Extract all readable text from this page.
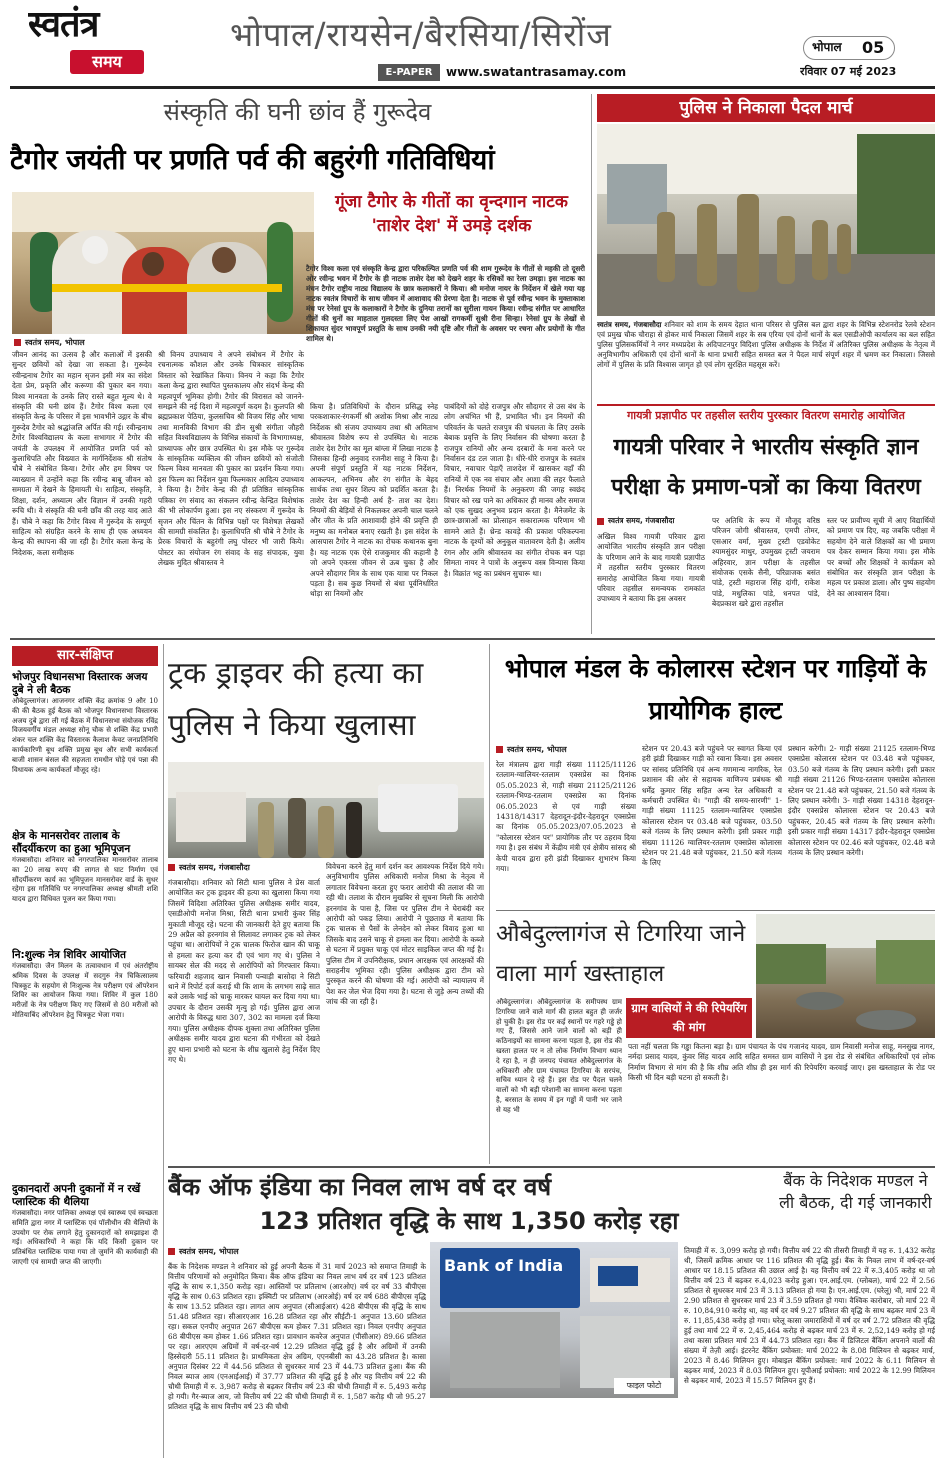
स्वतंत्र
समय
भोपाल/रायसेन/बैरसिया/सिरोंज
E-PAPER	www.swatantrasamay.com
भोपाल	05
रविवार 07 मई 2023
संस्कृति की घनी छांव हैं गुरूदेव
टैगोर जयंती पर प्रणति पर्व की बहुरंगी गतिविधियां
गूंजा टैगोर के गीतों का वृन्दगान नाटक 'ताशेर देश' में उमड़े दर्शक
टैगोर विश्व कला एवं संस्कृति केन्द्र द्वारा परिकल्पित प्रणति पर्व की शाम गुरूदेव के गीतों से महकी तो दूसरी ओर रवीन्द्र भवन में टैगोर के ही नाटक ताशेर देश को देखने शहर के रसिकों का रेला उमड़ा। इस नाटक का मंचन टैगोर राष्ट्रीय नाट्य विद्यालय के छात्र कलाकारों ने किया। श्री मनोज नायर के निर्देशन में खेले गया यह नाटक स्वतंत्र विचारों के साथ जीवन में आशावाद की प्रेरणा देता है। नाटक से पूर्व रवीन्द्र भवन के मुक्ताकाश मंच पर रेनेसां ग्रुप के कलाकारों ने टैगोर के दुनिया तरानों का सुरीला गायन किया। रवीन्द्र संगीत पर आधारित गीतों की धुनों का माहताल गुलदस्ता लिए पेश आखों रागकर्मी सुश्री रीना सिन्हा। रेनेसां ग्रुप के लेखों से शिकायत सुंदर भावपूर्ण प्रस्तुति के साथ उनकी नयी दृष्टि और गीतों के अवसर पर रचना और प्रयोगों के गीत शामिल थे।
स्वतंत्र समय, भोपाल
जीवन आनंद का उत्सव है और कलाओं में इसकी सुन्दर छवियों को देखा जा सकता है। गुरूदेव रवीन्द्रनाथ टैगोर का महान सृजन इसी मंत्र का संदेश देता प्रेम, प्रकृति और करूणा की पुकार बन गया। विश्व मानवता के उनके लिए रास्ते बहुत मूल्य थे। वे संस्कृति की घनी छांव हैं। टैगोर विश्व कला एवं संस्कृति केन्द्र के परिसर में इस भावभीने उद्गार के बीच गुरूदेव टैगोर को श्रद्धांजलि अर्पित की गई। रवीन्द्रनाथ टैगोर विश्वविद्यालय के कला सभागार में टैगोर की जयंती के उपलक्ष्य में आयोजित प्रणति पर्व को कुलाधिपति और विख्यात के मार्गनिर्देशक श्री संतोष चौबे ने संबोधित किया। टैगोर और हम विषय पर व्याख्यान में उन्होंने कहा कि रवीन्द्र बाबू जीवन को समग्रता में देखने के हिमायती थे। साहित्य, संस्कृति, शिक्षा, दर्शन, अध्यात्म और विज्ञान में उनकी गहरी रूचि थी। वे संस्कृति की घनी छाँव की तरह याद आते हैं। चौबे ने कहा कि टैगोर विश्व में गुरूदेव के सम्पूर्ण साहित्य को संग्रहित करने के साथ ही एक अध्ययन केन्द्र की स्थापना की जा रही है। टैगोर कला केन्द्र के निदेशक, कला समीक्षक
श्री विनय उपाध्याय ने अपने संबोधन में टैगोर के रचनात्मक कौशल और उनके चित्रकार सांस्कृतिक विस्तार को रेखांकित किया। विनय ने कहा कि टैगोर कला केन्द्र द्वारा स्थापित पुस्तकालय और संदर्भ केन्द्र की महत्वपूर्ण भूमिका होगी। टैगोर की विरासत को जानने-समझने की नई दिशा में महत्वपूर्ण कदम है। कुलपति श्री ब्रह्मप्रकाश पेठिया, कुलसचिव श्री विजय सिंह और भाषा तथा मानविकी विभाग की डीन सुश्री संगीता जौहरी सहित विश्वविद्यालय के विभिन्न संकायों के विभागाध्यक्ष, प्राध्यापक और छात्र उपस्थित थे। इस मौके पर गुरूदेव के सांस्कृतिक व्यक्तित्व की जीवन छवियों को संजोती फिल्म विश्व मानवता की पुकार का प्रदर्शन किया गया। इस फिल्म का निर्देशन युवा फिल्मकार आदित्य उपाध्याय ने किया है। टैगोर केन्द्र की ही प्रतिष्ठित सांस्कृतिक पत्रिका रंग संवाद का संकलन रवीन्द्र केन्द्रित विशेषांक की भी लोकार्पण हुआ। इस नए संस्करण में गुरूदेव के सृजन और चिंतन के विभिन्न पक्षों पर विशेषज्ञ लेखकों की सामग्री संकलित है। कुलाधिपति श्री चौबे ने टैगोर के प्रेरक विचारों के बहुरंगी लघु पोस्टर भी जारी किये। पोस्टर का संयोजन रंग संवाद के सह संपादक, युवा लेखक मुदित श्रीवास्तव ने
किया है। प्रतिविधियों के दौरान प्रसिद्ध स्नेह परकशाकार-रंगकर्मी श्री अशोक मिश्रा और नाट्य निर्देशक श्री संजय उपाध्याय तथा श्री अमिताभ श्रीवास्तव विशेष रूप से उपस्थित थे। नाटक ताशेर देश टैगोर का मूल बांग्ला में लिखा नाटक है जिसका हिन्दी अनुवाद रजनीश साहू ने किया है। अपनी संपूर्ण प्रस्तुति में यह नाटक निर्देशन, आकल्पन, अभिनय और रंग संगीत के बेहद सार्थक तथा सुघर शिल्प को प्रदर्शित करता है। ताशेर देश का हिन्दी अर्थ है- ताश का देश। नियमों की बेड़ियों से निकलकर अपनी चाल चलने और जीत के प्रति आशावादी होने की प्रवृत्ति ही मनुष्य का मनोबल बनाए रखती है। इस संदेश के आसपास टैगोर ने नाटक का रोचक कथानक बुना है। यह नाटक एक ऐसे राजकुमार की कहानी है जो अपने एकरस जीवन से ऊब चुका है और अपने सौदागर मित्र के साथ एक यात्रा पर निकल पड़ता है। सब कुछ नियमों से बंधा पूर्वनिर्धारित थोड़ा सा नियमों और
पाबंदियों को दोहे राजपुत्र और सौदागर से उस बंध के लोग अचंभित भी हैं, प्रभावित भी। इन नियमों की परिवर्तन के चलते राजपुत्र की चंचलता के लिए उसके बेबाक प्रवृत्ति के लिए निर्वासन की घोषणा करता है राजपुत्र रानियों और अन्य दरबारों के मना करने पर निर्वासन दंड टल जाता है। धीरे-धीरे राजपुत्र के स्वतंत्र विचार, नवाचार पेड़ाएँ ताशदेश में खासकर वहाँ की रानियों में एक नव संचार और आशा की लहर फैलाते हैं। निरर्थक नियमों के अनुकरण की जगह स्वछंद विचार को रख पाने का अधिकार ही मानव और समाज को एक सुखद अनुभव प्रदान करता है। मैनेजमेंट के छात्र-छात्राओं का प्रोत्साहन सकारात्मक परिणाम भी सामने आते हैं। थ्रेन्ड कावड़े की प्रकाश परिकल्पना नाटक के दृश्यों को अनुकूल वातावरण देती है। अलीय रंगन और अमि श्रीवास्तव का संगीत रोचक बन पड़ा सिमता नायर ने पात्रों के अनुरूप वस्त्र विन्यास किया है। विक्रांत भट्ट का प्रबंधन सुचारू था।
पुलिस ने निकाला पैदल मार्च
स्वतंत्र समय, गंजबासौदा शनिवार को शाम के समय देहात थाना परिसर से पुलिस बल द्वारा शहर के विभिन्न स्टेशनरोड रेलवे स्टेशन एवं प्रमुख चौक चौराहा से होकर मार्च निकाला जिसमें शहर के सब एरिया एवं दोनों थानों के बल एसडीओपी कार्यालय का बल सहित पुलिस पुलिसकर्मियों ने नगर मध्यप्रदेश के अदिपाटनपुर विदिशा पुलिस अधीक्षक के निर्देश में अतिरिक्त पुलिस अधीक्षक के नेतृत्व में अनुविभागीय अधिकारी एवं दोनों थानों के थाना प्रभारी सहित समस्त बल ने पैदल मार्च संपूर्ण शहर में भ्रमण कर निकाला। जिससे लोगों में पुलिस के प्रति विश्वास जागृत हो एवं लोग सुरक्षित महसूस करें।
गायत्री प्रज्ञापीठ पर तहसील स्तरीय पुरस्कार वितरण समारोह आयोजित
गायत्री परिवार ने भारतीय संस्कृति ज्ञान परीक्षा के प्रमाण-पत्रों का किया वितरण
स्वतंत्र समय, गंजबासौदा
अखिल विश्व गायत्री परिवार द्वारा आयोजित भारतीय संस्कृति ज्ञान परीक्षा के परिणाम आने के बाद गायत्री प्रज्ञापीठ में तहसील स्तरीय पुरस्कार वितरण समारोह आयोजित किया गया। गायत्री परिवार तहसील समन्वयक रामकांत उपाध्याय ने बताया कि इस अवसर
पर अतिथि के रूप में मौजूद वरिष्ठ परिजन जोगी श्रीवास्तव, एमपी तोमर, एसआर वर्मा, मुख्य ट्रस्टी एडवोकेट श्यामसुंदर माथुर, उपमुख्य ट्रस्टी जयराम अहिरवार, ज्ञान परीक्षा के तहसील संयोजक एसके सैनी, परिव्राजक बसंत पांडे, ट्रस्टी महाराज सिंह दांगी, राकेश पांडे, मधुलिका पांडे, धनपत पांडे, बेदप्रकाश खरे द्वारा तहसील
स्तर पर प्रावीण्य सूची में आए विद्यार्थियों को प्रमाण पत्र दिए, वह जबकि परीक्षा में सहयोग देने वाले शिक्षकों का भी प्रमाण पत्र देकर सम्मान किया गया। इस मौके पर बच्चों और शिक्षकों ने कार्यक्रम को संबोधित कर संस्कृति ज्ञान परीक्षा के महत्व पर प्रकाश डाला। और पुष्प सहयोग देने का आश्वासन दिया।
सार-संक्षिप्त
भोजपुर विधानसभा विस्तारक अजय दुबे ने ली बैठक
औबेदुल्लागंज। आजनगर शक्ति केंद्र क्रमांक 9 और 10 की की बैठक हुई बैठक को भोजपुर विधानसभा विस्तारक अजय दुबे द्वारा ली गई बैठक में विधानसभा संयोजक रविंद्र विजयवर्गीय मंडल अध्यक्ष सोनू चौक से शक्ति केंद्र प्रभारी शंकर चल शक्ति केंद्र विस्तारक कैलाश केवट जनप्रतिनिधि कार्यकारिणी बूथ शक्ति प्रमुख बूथ और सभी कार्यकर्ता बाजी शासन बंसल की सहजता रामधीन घोड़े एवं पन्ना की विधायक अन्य कार्यकर्ता मौजूद रहे।
क्षेत्र के मानसरोवर तालाब के सौंदर्यीकरण का हुआ भूमिपूजन
गंजबासौदा। शनिवार को नगरपालिका मानसरोवर तालाब का 20 लाख रुपए की लागत से घाट निर्माण एवं सौंदर्यीकरण कार्य का भूमिपूजन मानसरोवर वार्ड के सुधर रहेगा इस गतिविधि पर नगरपालिका अध्यक्ष श्रीमती शशि यादव द्वारा विधिवत पूजन कर किया गया।
नि:शुल्क नेत्र शिविर आयोजित
गंजबासौदा। जैन मिलन के तत्वावधान में एवं अंतर्राष्ट्रीय श्रमिक दिवस के उपलक्ष में सदगुरु नेत्र चिकित्सालय चित्रकूट के सहयोग से निःशुल्क नेत्र परीक्षण एवं ऑपरेशन शिविर का आयोजन किया गया। शिविर में कुल 180 मरीजों के नेत्र परीक्षण किए गए जिसमें से 80 मरीजों को मोतियाबिंद ऑपरेशन हेतु चित्रकूट भेजा गया।
दुकानदारों अपनी दुकानों में न रखें प्लास्टिक की थैलिया
गंजबासौदा। नगर पालिका अध्यक्ष एवं स्वास्थ्य एवं स्वच्छता समिति द्वारा नगर में प्लास्टिक एवं पॉलीथीन की थैलियों के उपयोग पर रोक लगाने हेतु दुकानदारों को समझाइश दी गई। अधिकारियों ने कहा कि यदि किसी दुकान पर प्रतिबंधित प्लास्टिक पाया गया तो जुर्माने की कार्यवाही की जाएगी एवं सामग्री जप्त की जाएगी।
ट्रक ड्राइवर की हत्या का पुलिस ने किया खुलासा
स्वतंत्र समय, गंजबासौदा
गंजबासौदा। शनिवार को सिटी थाना पुलिस ने प्रेस वार्ता आयोजित कर ट्रक ड्राइवर की हत्या का खुलासा किया गया जिसमें विदिशा अतिरिक्त पुलिस अधीक्षक समीर यादव, एसडीओपी मनोज मिश्रा, सिटी थाना प्रभारी कुंवर सिंह मुकाती मौजूद रहे। घटना की जानकारी देते हुए बताया कि 29 अप्रैल को हरनगांव से सिलावट लगाकर ट्रक को लेकर पहुंचा था। आरोपियों ने ट्रक चालक फिरोज खान की चाकू से हमला कर हत्या कर दी एवं भाग गए थे। पुलिस ने सायबर सेल की मदद से आरोपियों को गिरफ्तार किया। फरियादी शहजाद खान निवासी पन्वाड़ी बासोदा ने सिटी थाने में रिपोर्ट दर्ज कराई थी कि शाम के लगभग साढ़े सात बजे उसके भाई को चाकू मारकर घायल कर दिया गया था। उपचार के दौरान उसकी मृत्यु हो गई। पुलिस द्वारा आज आरोपी के विरुद्ध धारा 307, 302 का मामला दर्ज किया गया। पुलिस अधीक्षक दीपक शुक्ला तथा अतिरिक्त पुलिस अधीक्षक समीर यादव द्वारा घटना की गंभीरता को देखते हुए थाना प्रभारी को घटना के शीघ्र खुलासे हेतु निर्देश दिए गए थे।
विवेचना करने हेतु मार्ग दर्शन कर आवश्यक निर्देश दिये गये। अनुविभागीय पुलिस अधिकारी मनोज मिश्रा के नेतृत्व में लगातार विवेचना करता हुए फरार आरोपी की तलाश की जा रही थी। तलाश के दौरान मुखबिर से सूचना मिली कि आरोपी हरनगांव के पास है, जिस पर पुलिस टीम ने घेराबंदी कर आरोपी को पकड़ लिया। आरोपी ने पूछताछ में बताया कि ट्रक चालक से पैसों के लेनदेन को लेकर विवाद हुआ था जिसके बाद उसने चाकू से हमला कर दिया। आरोपी के कब्जे से घटना में प्रयुक्त चाकू एवं मोटर साइकिल जप्त की गई है। पुलिस टीम में उपनिरीक्षक, प्रधान आरक्षक एवं आरक्षकों की सराहनीय भूमिका रही। पुलिस अधीक्षक द्वारा टीम को पुरस्कृत करने की घोषणा की गई। आरोपी को न्यायालय में पेश कर जेल भेज दिया गया है। घटना से जुड़े अन्य तथ्यों की जांच की जा रही है।
भोपाल मंडल के कोलारस स्टेशन पर गाड़ियों के प्रायोगिक हाल्ट
स्वतंत्र समय, भोपाल
रेल मंत्रालय द्वारा गाड़ी संख्या 11125/11126 रतलाम-ग्वालियर-रतलाम एक्सप्रेस का दिनांक 05.05.2023 से, गाड़ी संख्या 21125/21126 रतलाम-भिण्ड-रतलाम एक्सप्रेस का दिनांक 06.05.2023 से एवं गाड़ी संख्या 14318/14317 देहरादून-इंदौर-देहरादून एक्सप्रेस का दिनांक 05.05.2023/07.05.2023 से "कोलारस स्टेशन पर" प्रायोगिक तौर पर ठहराव दिया गया है। इस संबंध में केंद्रीय मंत्री एवं क्षेत्रीय सांसद श्री केपी यादव द्वारा हरी झंडी दिखाकर शुभारंभ किया गया।
स्टेशन पर 20.43 बजे पहुंचने पर स्वागत किया एवं हरी झंडी दिखाकर गाड़ी को रवाना किया। इस अवसर पर सांसद प्रतिनिधि एवं अन्य गणमान्य नागरिक, रेल प्रशासन की ओर से सहायक वाणिज्य प्रबंधक श्री धर्मेंद्र कुमार सिंह सहित अन्य रेल अधिकारी व कर्मचारी उपस्थित थे। "गाड़ी की समय-सारणी" 1- गाड़ी संख्या 11125 रतलाम-ग्वालियर एक्सप्रेस कोलारस स्टेशन पर 03.48 बजे पहुंचकर, 03.50 बजे गंतव्य के लिए प्रस्थान करेगी। इसी प्रकार गाड़ी संख्या 11126 ग्वालियर-रतलाम एक्सप्रेस कोलारस स्टेशन पर 21.48 बजे पहुंचकर, 21.50 बजे गंतव्य के लिए
प्रस्थान करेगी। 2- गाड़ी संख्या 21125 रतलाम-भिण्ड एक्सप्रेस कोलारस स्टेशन पर 03.48 बजे पहुंचकर, 03.50 बजे गंतव्य के लिए प्रस्थान करेगी। इसी प्रकार गाड़ी संख्या 21126 भिण्ड-रतलाम एक्सप्रेस कोलारस स्टेशन पर 21.48 बजे पहुंचकर, 21.50 बजे गंतव्य के लिए प्रस्थान करेगी। 3- गाड़ी संख्या 14318 देहरादून-इंदौर एक्सप्रेस कोलारस स्टेशन पर 20.43 बजे पहुंचकर, 20.45 बजे गंतव्य के लिए प्रस्थान करेगी। इसी प्रकार गाड़ी संख्या 14317 इंदौर-देहरादून एक्सप्रेस कोलारस स्टेशन पर 02.46 बजे पहुंचकर, 02.48 बजे गंतव्य के लिए प्रस्थान करेगी।
औबेदुल्लागंज से टिगरिया जाने वाला मार्ग खस्ताहाल
ग्राम वासियों ने की रिपेयरिंग की मांग
औबेदुल्लागंज। औबेदुल्लागंज के समीपस्थ ग्राम टिगरिया जाने वाले मार्ग की हालत बहुत ही जर्जर हो चुकी है। इस रोड पर कई स्थानों पर गहरे गड्ढे हो गए हैं, जिससे आने जाने वालों को बड़ी ही कठिनाइयों का सामना करना पड़ता है, इस रोड की खस्ता हालत पर न तो लोक निर्माण विभाग ध्यान दे रहा है, न ही जनपद पंचायत औबेदुल्लागंज के अधिकारी और ग्राम पंचायत टिगरिया के सरपंच, सचिव ध्यान दे रहे हैं। इस रोड पर पैदल चलने वालों को भी बड़ी परेशानी का सामना करना पड़ता है, बरसात के समय में इन गड्ढों में पानी भर जाने से यह भी
पता नहीं चलता कि गड्ढा कितना बड़ा है। ग्राम पंचायत के पंच गजानंद यादव, ग्राम निवासी मनोज साहू, मनसुख नागर, नर्मदा प्रसाद यादव, कुंवर सिंह यादव आदि सहित समस्त ग्राम वासियों ने इस रोड से संबंधित अधिकारियों एवं लोक निर्माण विभाग से मांग की है कि शीघ्र अति शीघ्र ही इस मार्ग की रिपेयरिंग करवाई जाए। इस खस्ताहाल के रोड पर किसी भी दिन बड़ी घटना हो सकती है।
बैंक ऑफ इंडिया का निवल लाभ वर्ष दर वर्ष
123 प्रतिशत वृद्धि के साथ 1,350 करोड़ रहा
बैंक के निदेशक मण्डल ने ली बैठक, दी गई जानकारी
स्वतंत्र समय, भोपाल
बैंक के निदेशक मण्डल ने शनिवार को हुई अपनी बैठक में 31 मार्च 2023 को समाप्त तिमाही के वित्तीय परिणामों को अनुमोदित किया। बैंक ऑफ इंडिया का निवल लाभ वर्ष दर वर्ष 123 प्रतिशत वृद्धि के साथ रु.1,350 करोड़ रहा। आस्तियों पर प्रतिलाभ (आरओए) वर्ष दर वर्ष 33 बीपीएस वृद्धि के साथ 0.63 प्रतिशत रहा। इक्विटी पर प्रतिलाभ (आरओई) वर्ष दर वर्ष 688 बीपीएस वृद्धि के साथ 13.52 प्रतिशत रहा। लागत आय अनुपात (सीआईआर) 428 बीपीएस की वृद्धि के साथ 51.48 प्रतिशत रहा। सीआरएआर 16.28 प्रतिशत रहा और सीईटी-1 अनुपात 13.60 प्रतिशत रहा। सकल एनपीए अनुपात 267 बीपीएस कम होकर 7.31 प्रतिशत रहा। निवल एनपीए अनुपात 68 बीपीएस कम होकर 1.66 प्रतिशत रहा। प्रावधान कवरेज अनुपात (पीसीआर) 89.66 प्रतिशत पर रहा। आरएएम अग्रिमों में वर्ष-दर-वर्ष 12.29 प्रतिशत वृद्धि हुई है और अग्रिमों में उनकी हिस्सेदारी 55.11 प्रतिशत है। प्राथमिकता क्षेत्र अग्रिम, एएनबीसी का 43.28 प्रतिशत है। कासा अनुपात दिसंबर 22 में 44.56 प्रतिशत से सुधरकर मार्च 23 में 44.73 प्रतिशत हुआ। बैंक की निवल ब्याज आय (एनआईआई) में 37.77 प्रतिशत की वृद्धि हुई है और यह वित्तीय वर्ष 22 की चौथी तिमाही में रु. 3,987 करोड़ से बढ़कर वित्तीय वर्ष 23 की चौथी तिमाही में रु. 5,493 करोड़ हो गयी। गैर-ब्याज आय, जो वित्तीय वर्ष 22 की चौथी तिमाही में रु. 1,587 करोड़ थी जो 95.27 प्रतिशत वृद्धि के साथ वित्तीय वर्ष 23 की चौथी
Bank of India
फाइल फोटो
तिमाही में रु. 3,099 करोड़ हो गयी। वित्तीय वर्ष 22 की तीसरी तिमाही में यह रु. 1,432 करोड़ थी, जिसमें क्रमिक आधार पर 116 प्रतिशत की वृद्धि हुई। बैंक के निवल लाभ में वर्ष-दर-वर्ष आधार पर 18.15 प्रतिशत की उछाल आई है। यह वित्तीय वर्ष 22 में रु.3,405 करोड़ था जो वित्तीय वर्ष 23 में बढ़कर रु.4,023 करोड़ हुआ। एन.आई.एम. (ग्लोबल), मार्च 22 में 2.56 प्रतिशत से सुधरकर मार्च 23 में 3.13 प्रतिशत हो गया है। एन.आई.एम. (घरेलू) भी, मार्च 22 में 2.90 प्रतिशत से सुधरकर मार्च 23 में 3.59 प्रतिशत हो गया। वैश्विक कारोबार, जो मार्च 22 में रु. 10,84,910 करोड़ था, वह वर्ष दर वर्ष 9.27 प्रतिशत की वृद्धि के साथ बढ़कर मार्च 23 में रु. 11,85,438 करोड़ हो गया। घरेलू कासा जमाराशियों में वर्ष दर वर्ष 2.72 प्रतिशत की वृद्धि हुई तथा मार्च 22 में रु. 2,45,464 करोड़ से बढ़कर मार्च 23 में रु. 2,52,149 करोड़ हो गई तथा कासा प्रतिशत मार्च 23 में 44.73 प्रतिशत रहा। बैंक में डिजिटल बैंकिंग अपनाने वालों की संख्या में तेज़ी आई। इंटरनेट बैंकिंग प्रयोक्ता: मार्च 2022 के 8.08 मिलियन से बढ़कर मार्च, 2023 में 8.46 मिलियन हुए। मोबाइल बैंकिंग प्रयोक्ता: मार्च 2022 के 6.11 मिलियन से बढ़कर मार्च, 2023 में 8.03 मिलियन हुए। यूपीआई प्रयोक्ता: मार्च 2022 के 12.99 मिलियन से बढ़कर मार्च, 2023 में 15.57 मिलियन हुए हैं।
